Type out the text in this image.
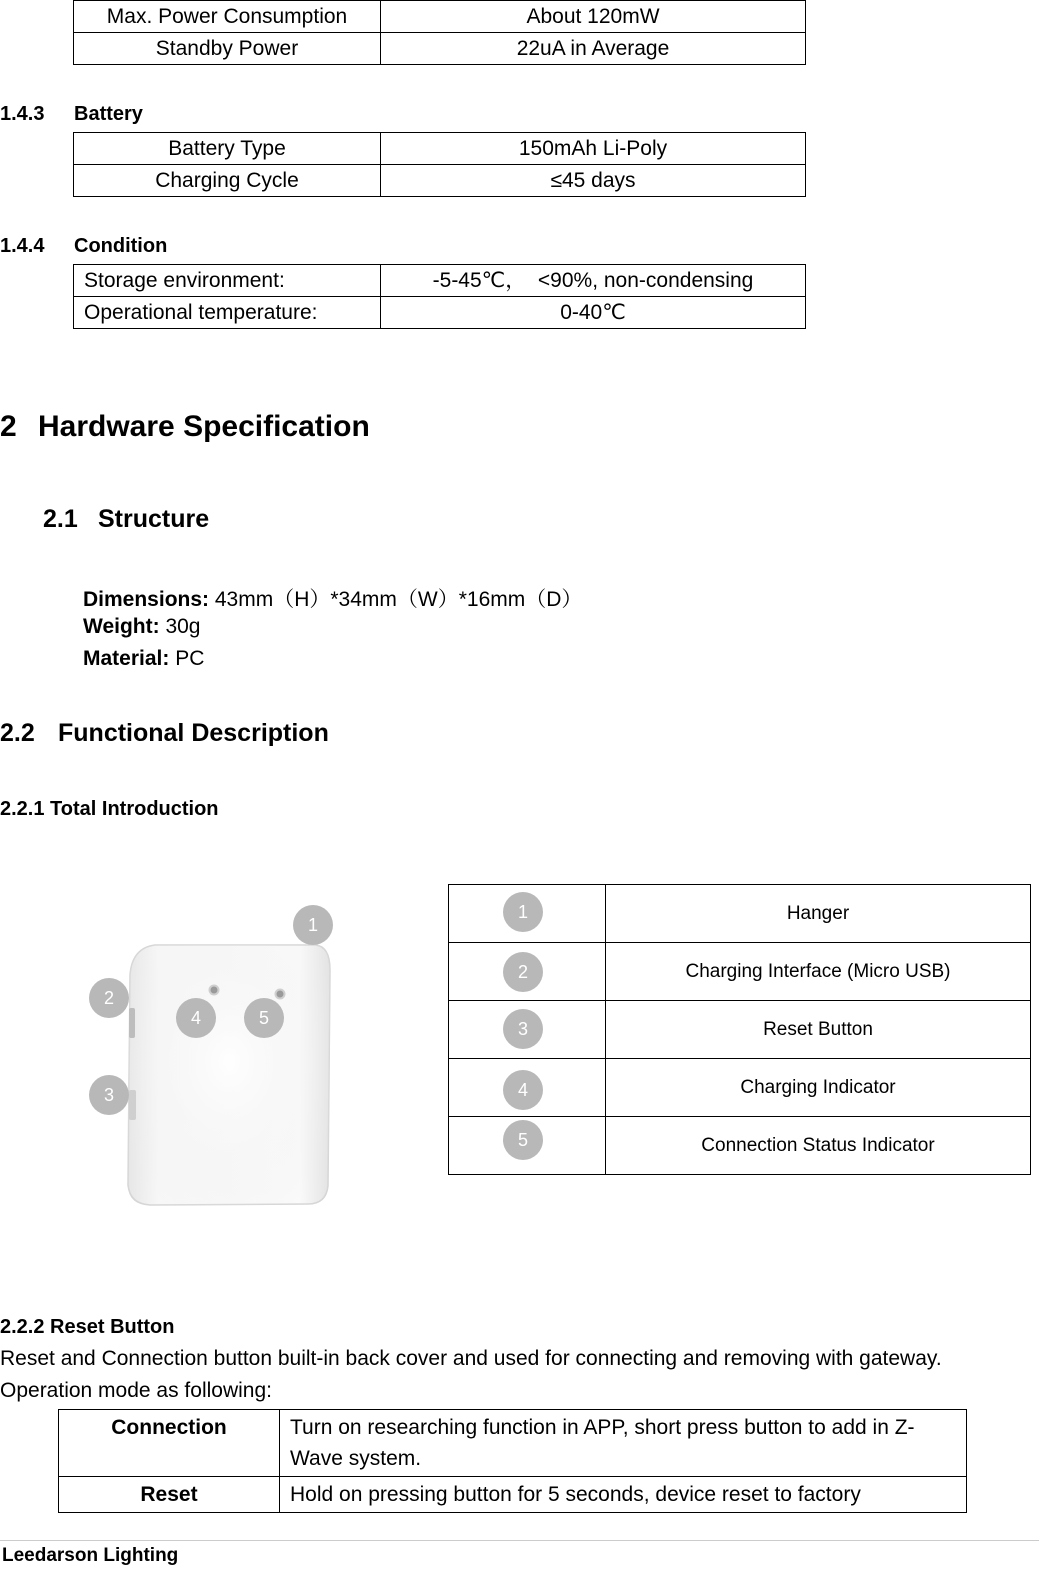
Max. Power Consumption	About 120mW
Standby Power	22uA in Average
1.4.3 Battery
Battery Type	150mAh Li-Poly
Charging Cycle	≤45 days
1.4.4 Condition
Storage environment:	-5-45℃，  <90%, non-condensing
Operational temperature:	0-40℃
2 Hardware Specification
2.1 Structure
Dimensions: 43mm（H）*34mm（W）*16mm（D）
Weight: 30g
Material: PC
2.2 Functional Description
2.2.1 Total Introduction
1
2
3
4	5
1	Hanger

2	Charging Interface (Micro USB)

3	Reset Button

4	Charging Indicator

5	Connection Status Indicator
2.2.2 Reset Button
Reset and Connection button built-in back cover and used for connecting and removing with gateway.
Operation mode as following:
Connection	Turn on researching function in APP, short press button to add in Z-Wave system.
Reset	Hold on pressing button for 5 seconds, device reset to factory
Leedarson Lighting
